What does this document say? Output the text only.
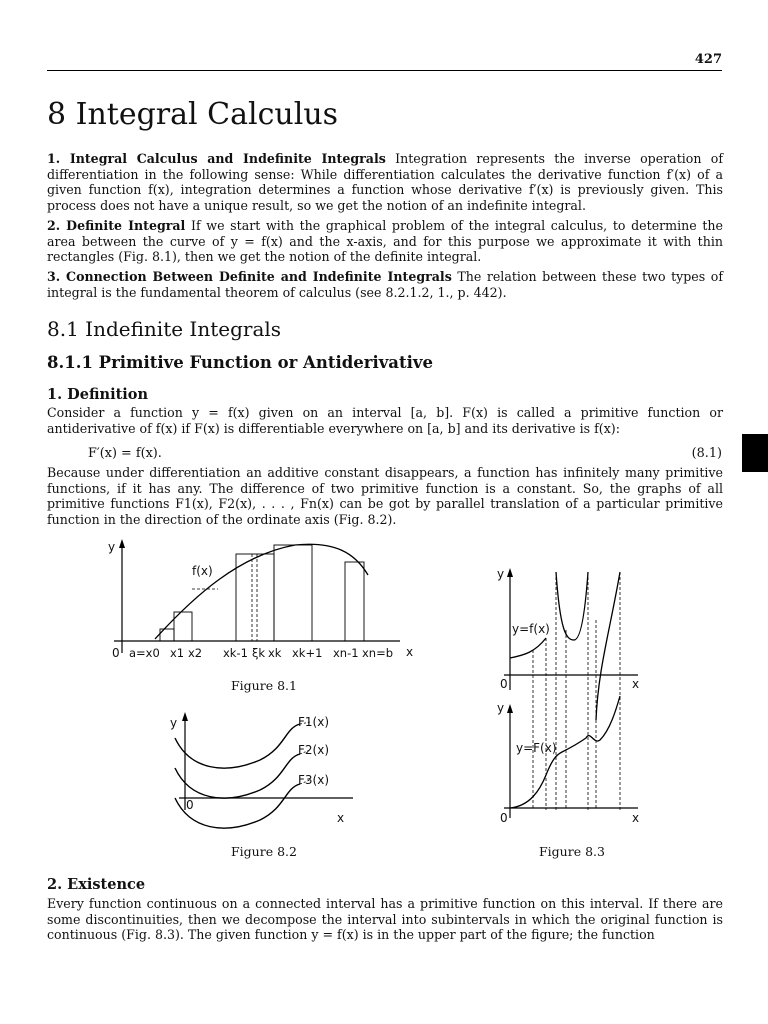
427
8 Integral Calculus
1. Integral Calculus and Indefinite Integrals Integration represents the inverse operation of differentiation in the following sense: While differentiation calculates the derivative function f′(x) of a given function f(x), integration determines a function whose derivative f′(x) is previously given. This process does not have a unique result, so we get the notion of an indefinite integral.
2. Definite Integral If we start with the graphical problem of the integral calculus, to determine the area between the curve of y = f(x) and the x-axis, and for this purpose we approximate it with thin rectangles (Fig. 8.1), then we get the notion of the definite integral.
3. Connection Between Definite and Indefinite Integrals The relation between these two types of integral is the fundamental theorem of calculus (see 8.2.1.2, 1., p. 442).
8.1 Indefinite Integrals
8.1.1 Primitive Function or Antiderivative
1. Definition
Consider a function y = f(x) given on an interval [a, b]. F(x) is called a primitive function or antiderivative of f(x) if F(x) is differentiable everywhere on [a, b] and its derivative is f(x):
F′(x) = f(x).	(8.1)
Because under differentiation an additive constant disappears, a function has infinitely many primitive functions, if it has any. The difference of two primitive function is a constant. So, the graphs of all primitive functions F1(x), F2(x), . . . , Fn(x) can be got by parallel translation of a particular primitive function in the direction of the ordinate axis (Fig. 8.2).
y
f(x)
0	x
a=x0 x1 x2 xk-1 ξk xk xk+1 xn-1 xn=b
Figure 8.1
y
x
0
F1(x)
F2(x)
F3(x)
Figure 8.2
y
x
0
y=f(x)
y
x
0
y=F(x)
Figure 8.3
2. Existence
Every function continuous on a connected interval has a primitive function on this interval. If there are some discontinuities, then we decompose the interval into subintervals in which the original function is continuous (Fig. 8.3). The given function y = f(x) is in the upper part of the figure; the function
